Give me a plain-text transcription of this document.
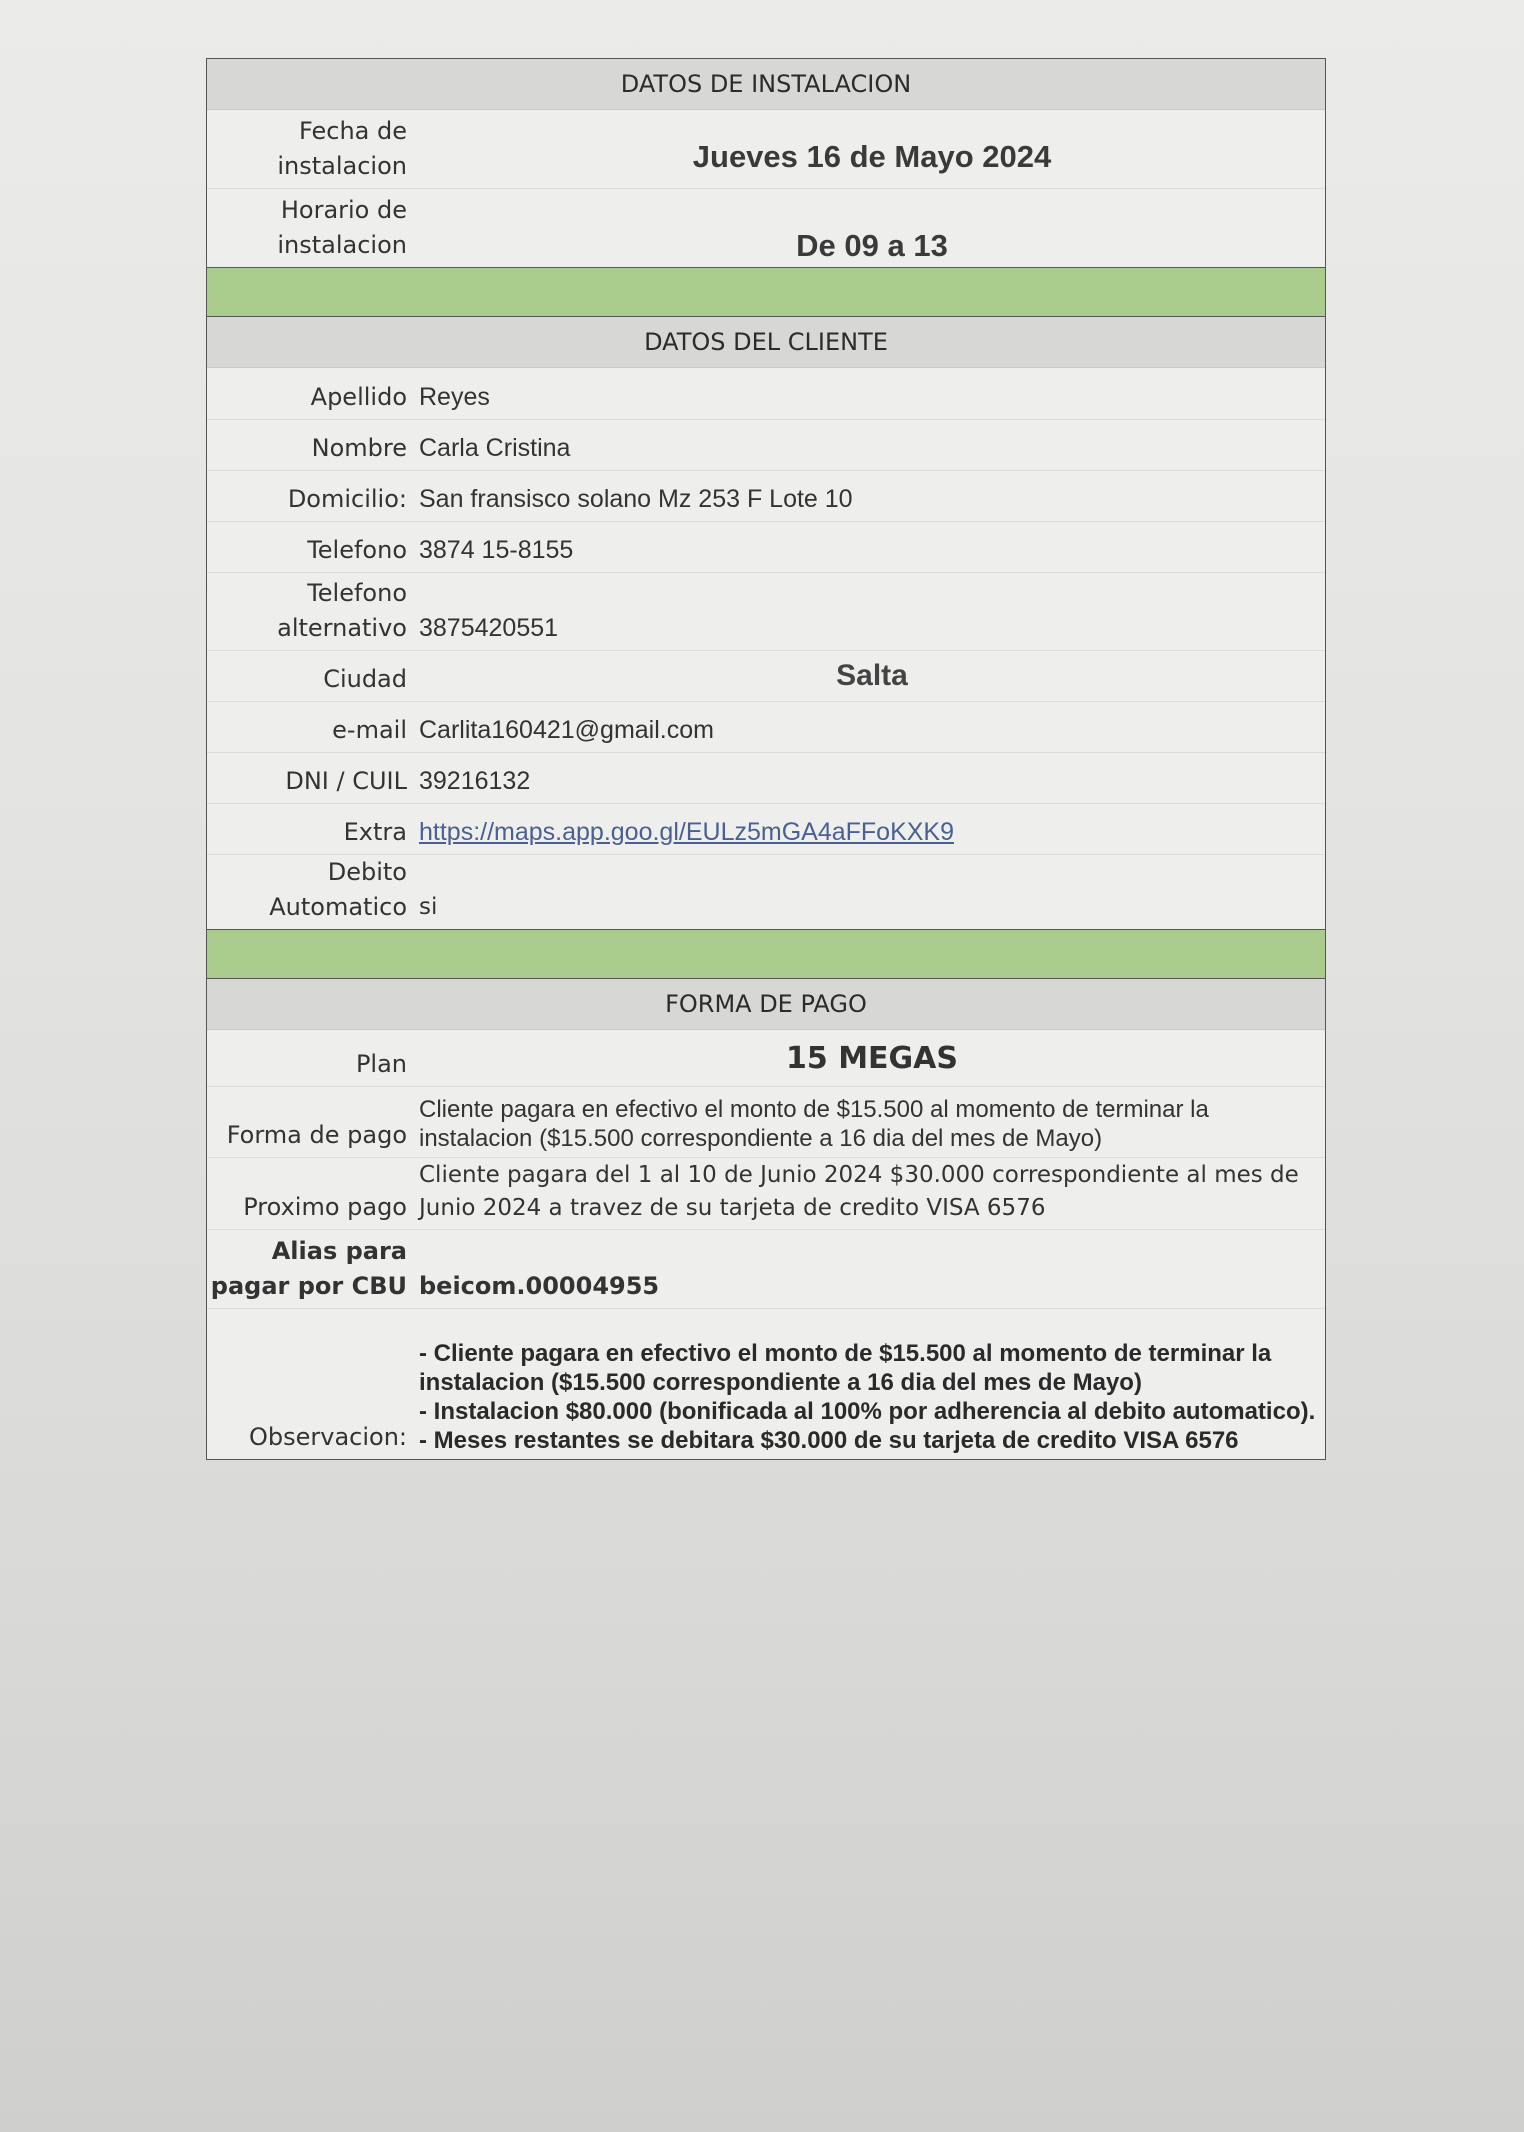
DATOS DE INSTALACION
Fecha de instalacion	Jueves 16 de Mayo 2024
Horario de instalacion	De 09 a 13
DATOS DEL CLIENTE
Apellido Reyes
Nombre Carla Cristina
Domicilio: San fransisco solano Mz 253 F Lote 10
Telefono 3874 15-8155
Telefono alternativo 3875420551
Ciudad	Salta
e-mail Carlita160421@gmail.com
DNI / CUIL 39216132
Extra https://maps.app.goo.gl/EULz5mGA4aFFoKXK9
Debito Automatico si
FORMA DE PAGO
Plan	15 MEGAS
Forma de pago
Cliente pagara en efectivo el monto de $15.500 al momento de terminar la instalacion ($15.500 correspondiente a 16 dia del mes de Mayo)
Proximo pago
Cliente pagara del 1 al 10 de Junio 2024 $30.000 correspondiente al mes de Junio 2024 a travez de su tarjeta de credito VISA 6576
Alias para pagar por CBU beicom.00004955
Observacion:
- Cliente pagara en efectivo el monto de $15.500 al momento de terminar la instalacion ($15.500 correspondiente a 16 dia del mes de Mayo)
- Instalacion $80.000 (bonificada al 100% por adherencia al debito automatico).
- Meses restantes se debitara $30.000 de su tarjeta de credito VISA 6576
